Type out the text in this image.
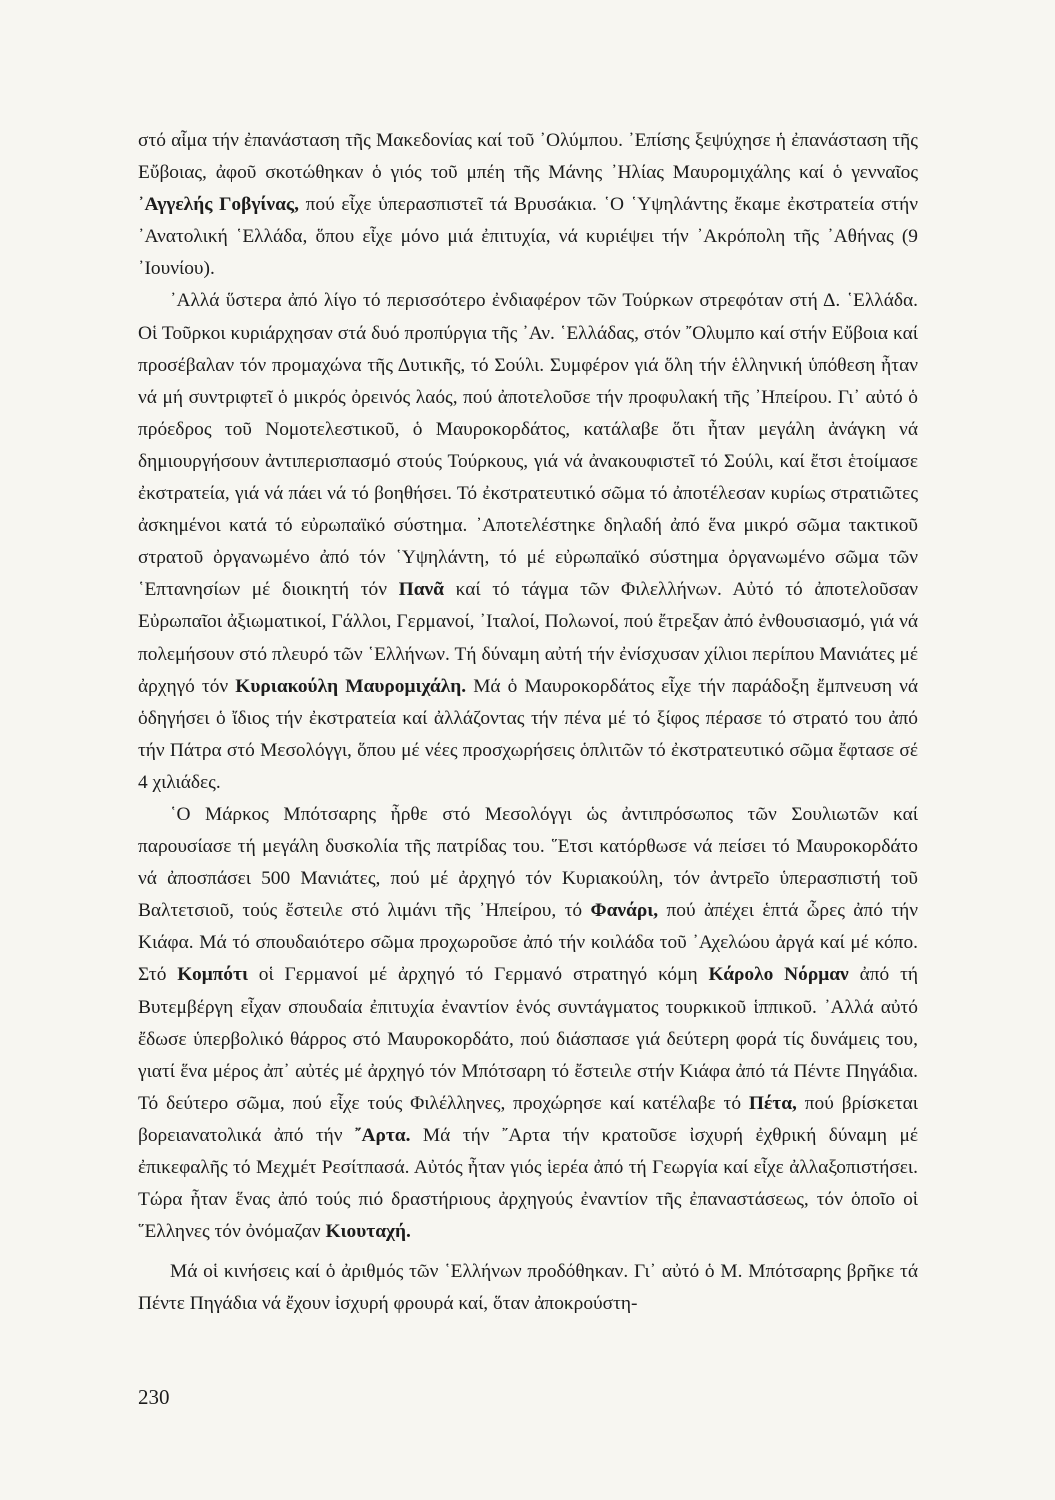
στό αἷμα τήν ἐπανάσταση τῆς Μακεδονίας καί τοῦ ᾽Ολύμπου. ᾽Επίσης ξεψύχησε ἡ ἐπανάσταση τῆς Εὔβοιας, ἀφοῦ σκοτώθηκαν ὁ γιός τοῦ μπέη τῆς Μάνης ᾽Ηλίας Μαυρομιχάλης καί ὁ γενναῖος ᾽Αγγελής Γοβγίνας, πού εἶχε ὑπερασπιστεῖ τά Βρυσάκια. ῾Ο ῾Υψηλάντης ἔκαμε ἐκστρατεία στήν ᾽Ανατολική ῾Ελλάδα, ὅπου εἶχε μόνο μιά ἐπιτυχία, νά κυριέψει τήν ᾽Ακρόπολη τῆς ᾽Αθήνας (9 ᾽Ιουνίου).

᾽Αλλά ὕστερα ἀπό λίγο τό περισσότερο ἐνδιαφέρον τῶν Τούρκων στρεφόταν στή Δ. ῾Ελλάδα. Οἱ Τοῦρκοι κυριάρχησαν στά δυό προπύργια τῆς ᾽Αν. ῾Ελλάδας, στόν ῎Ολυμπο καί στήν Εὔβοια καί προσέβαλαν τόν προμαχώνα τῆς Δυτικῆς, τό Σούλι. Συμφέρον γιά ὅλη τήν ἑλληνική ὑπόθεση ἦταν νά μή συντριφτεῖ ὁ μικρός ὀρεινός λαός, πού ἀποτελοῦσε τήν προφυλακή τῆς ᾽Ηπείρου. Γι᾽ αὐτό ὁ πρόεδρος τοῦ Νομοτελεστικοῦ, ὁ Μαυροκορδάτος, κατάλαβε ὅτι ἦταν μεγάλη ἀνάγκη νά δημιουργήσουν ἀντιπερισπασμό στούς Τούρκους, γιά νά ἀνακουφιστεῖ τό Σούλι, καί ἔτσι ἑτοίμασε ἐκστρατεία, γιά νά πάει νά τό βοηθήσει. Τό ἐκστρατευτικό σῶμα τό ἀποτέλεσαν κυρίως στρατιῶτες ἀσκημένοι κατά τό εὐρωπαϊκό σύστημα. ᾽Αποτελέστηκε δηλαδή ἀπό ἕνα μικρό σῶμα τακτικοῦ στρατοῦ ὀργανωμένο ἀπό τόν ῾Υψηλάντη, τό μέ εὐρωπαϊκό σύστημα ὀργανωμένο σῶμα τῶν ῾Επτανησίων μέ διοικητή τόν Πανᾶ καί τό τάγμα τῶν Φιλελλήνων. Αὐτό τό ἀποτελοῦσαν Εὐρωπαῖοι ἀξιωματικοί, Γάλλοι, Γερμανοί, ᾽Ιταλοί, Πολωνοί, πού ἔτρεξαν ἀπό ἐνθουσιασμό, γιά νά πολεμήσουν στό πλευρό τῶν ῾Ελλήνων. Τή δύναμη αὐτή τήν ἐνίσχυσαν χίλιοι περίπου Μανιάτες μέ ἀρχηγό τόν Κυριακούλη Μαυρομιχάλη. Μά ὁ Μαυροκορδάτος εἶχε τήν παράδοξη ἔμπνευση νά ὁδηγήσει ὁ ἴδιος τήν ἐκστρατεία καί ἀλλάζοντας τήν πένα μέ τό ξίφος πέρασε τό στρατό του ἀπό τήν Πάτρα στό Μεσολόγγι, ὅπου μέ νέες προσχωρήσεις ὁπλιτῶν τό ἐκστρατευτικό σῶμα ἔφτασε σέ 4 χιλιάδες.

῾Ο Μάρκος Μπότσαρης ἦρθε στό Μεσολόγγι ὡς ἀντιπρόσωπος τῶν Σουλιωτῶν καί παρουσίασε τή μεγάλη δυσκολία τῆς πατρίδας του. ῞Ετσι κατόρθωσε νά πείσει τό Μαυροκορδάτο νά ἀποσπάσει 500 Μανιάτες, πού μέ ἀρχηγό τόν Κυριακούλη, τόν ἀντρεῖο ὑπερασπιστή τοῦ Βαλτετσιοῦ, τούς ἔστειλε στό λιμάνι τῆς ᾽Ηπείρου, τό Φανάρι, πού ἀπέχει ἑπτά ὧρες ἀπό τήν Κιάφα. Μά τό σπουδαιότερο σῶμα προχωροῦσε ἀπό τήν κοιλάδα τοῦ ᾽Αχελώου ἀργά καί μέ κόπο. Στό Κομπότι οἱ Γερμανοί μέ ἀρχηγό τό Γερμανό στρατηγό κόμη Κάρολο Νόρμαν ἀπό τή Βυτεμβέργη εἶχαν σπουδαία ἐπιτυχία ἐναντίον ἑνός συντάγματος τουρκικοῦ ἱππικοῦ. ᾽Αλλά αὐτό ἔδωσε ὑπερβολικό θάρρος στό Μαυροκορδάτο, πού διάσπασε γιά δεύτερη φορά τίς δυνάμεις του, γιατί ἕνα μέρος ἀπ᾽ αὐτές μέ ἀρχηγό τόν Μπότσαρη τό ἔστειλε στήν Κιάφα ἀπό τά Πέντε Πηγάδια. Τό δεύτερο σῶμα, πού εἶχε τούς Φιλέλληνες, προχώρησε καί κατέλαβε τό Πέτα, πού βρίσκεται βορειανατολικά ἀπό τήν ῎Αρτα. Μά τήν ῎Αρτα τήν κρατοῦσε ἰσχυρή ἐχθρική δύναμη μέ ἐπικεφαλῆς τό Μεχμέτ Ρεσίτπασά. Αὐτός ἦταν γιός ἱερέα ἀπό τή Γεωργία καί εἶχε ἀλλαξοπιστήσει. Τώρα ἦταν ἕνας ἀπό τούς πιό δραστήριους ἀρχηγούς ἐναντίον τῆς ἐπαναστάσεως, τόν ὁποῖο οἱ ῞Ελληνες τόν ὀνόμαζαν Κιουταχή.

Μά οἱ κινήσεις καί ὁ ἀριθμός τῶν ῾Ελλήνων προδόθηκαν. Γι᾽ αὐτό ὁ Μ. Μπότσαρης βρῆκε τά Πέντε Πηγάδια νά ἔχουν ἰσχυρή φρουρά καί, ὅταν ἀποκρούστη-

230
